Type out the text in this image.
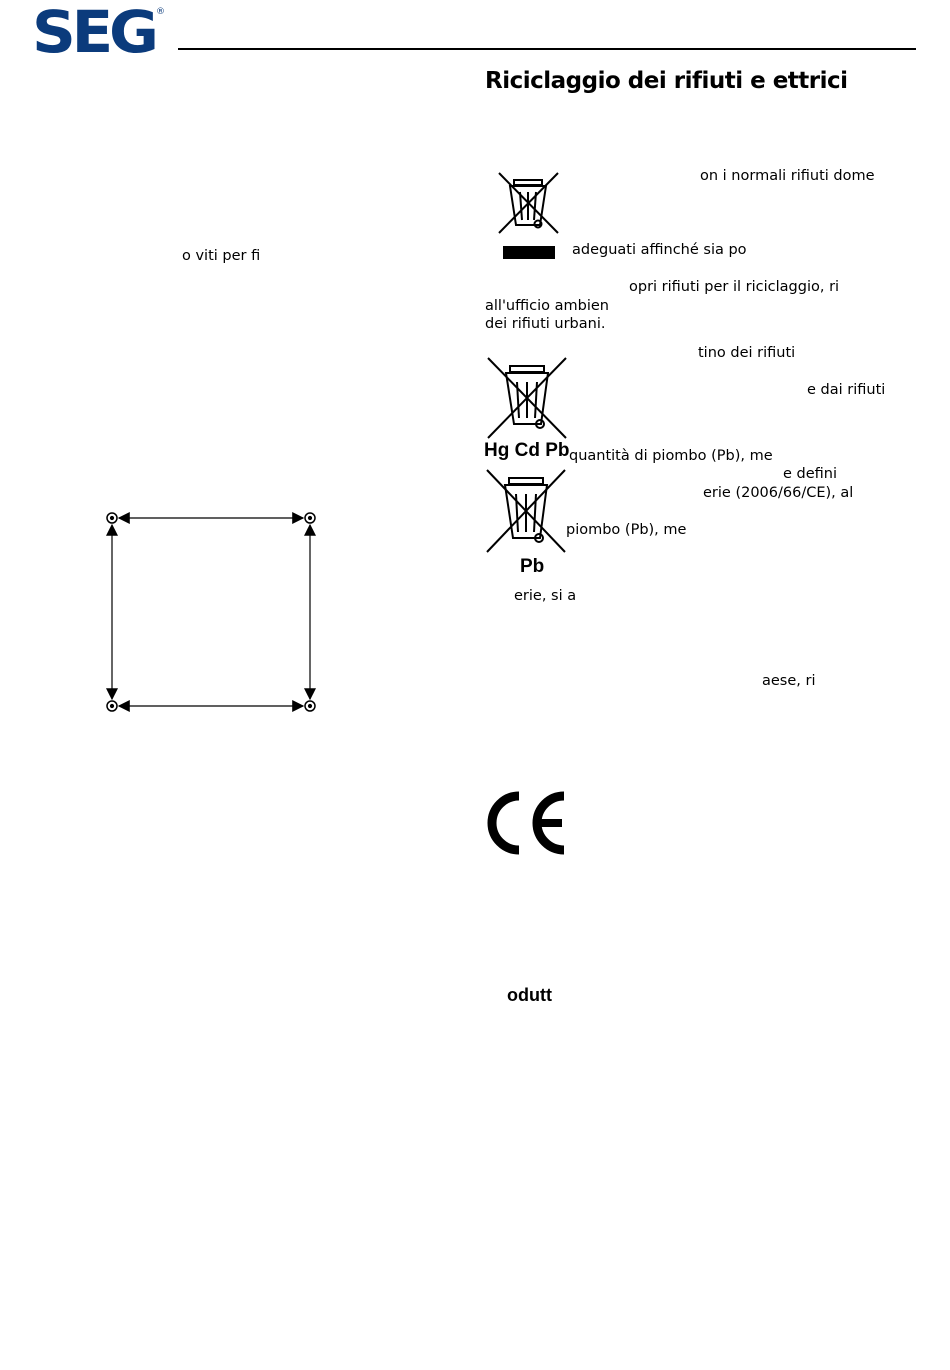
SEG ®
Riciclaggio dei rifiuti e ettrici
o viti per fi
Hg Cd Pb
Pb
on i normali rifiuti dome
adeguati affinché sia po
opri rifiuti per il riciclaggio, ri
all'ufficio ambien
dei rifiuti urbani.
tino dei rifiuti
e dai rifiuti
quantità di piombo (Pb), me
e defini
erie (2006/66/CE), al
piombo (Pb), me
erie, si a
aese, ri
odutt
